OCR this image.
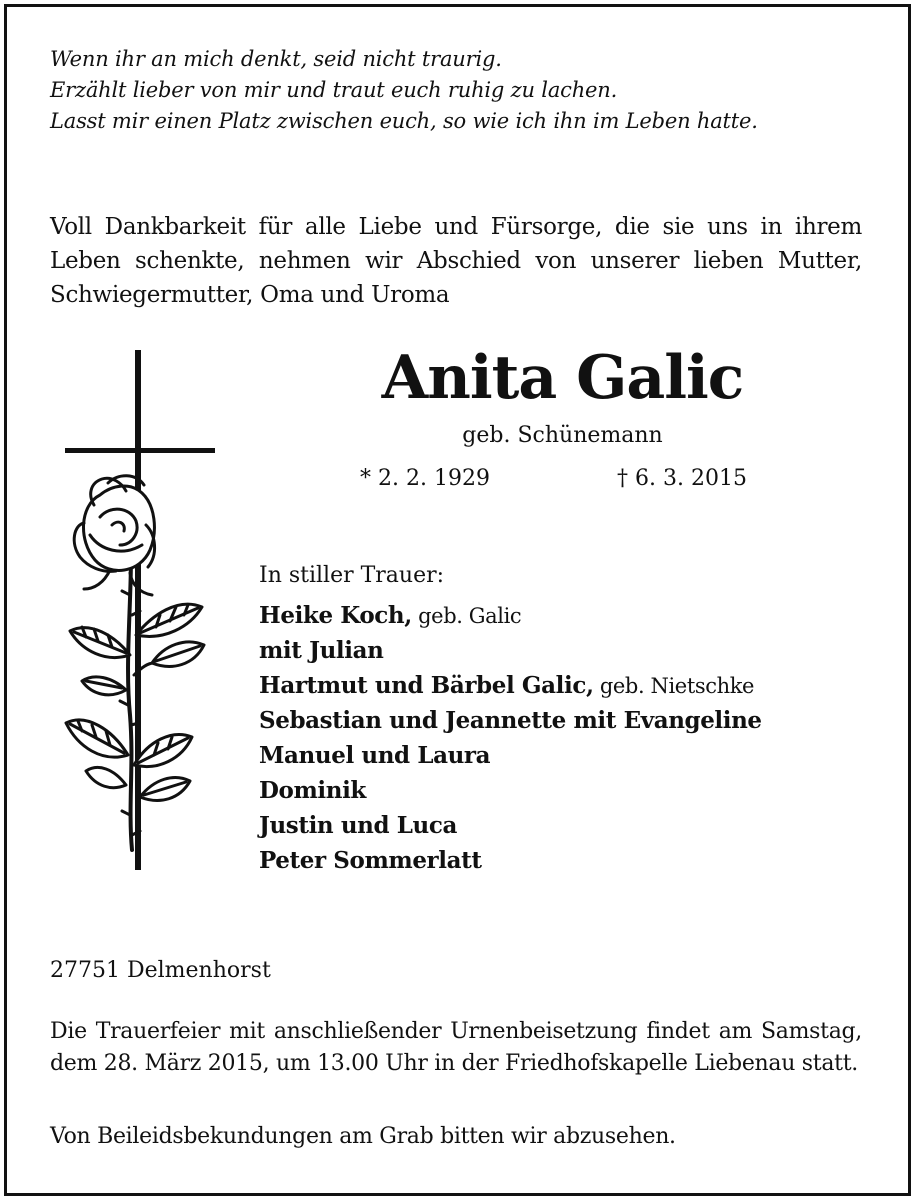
Wenn ihr an mich denkt, seid nicht traurig.
Erzählt lieber von mir und traut euch ruhig zu lachen.
Lasst mir einen Platz zwischen euch, so wie ich ihn im Leben hatte.
Voll Dankbarkeit für alle Liebe und Fürsorge, die sie uns in ihrem Leben schenkte, nehmen wir Abschied von unserer lieben Mutter, Schwiegermutter, Oma und Uroma
Anita Galic
geb. Schünemann
* 2. 2. 1929	† 6. 3. 2015
In stiller Trauer:
Heike Koch, geb. Galic
mit Julian
Hartmut und Bärbel Galic, geb. Nietschke
Sebastian und Jeannette mit Evangeline
Manuel und Laura
Dominik
Justin und Luca
Peter Sommerlatt
27751 Delmenhorst
Die Trauerfeier mit anschließender Urnenbeisetzung findet am Samstag, dem 28. März 2015, um 13.00 Uhr in der Friedhofskapelle Liebenau statt.
Von Beileidsbekundungen am Grab bitten wir abzusehen.
